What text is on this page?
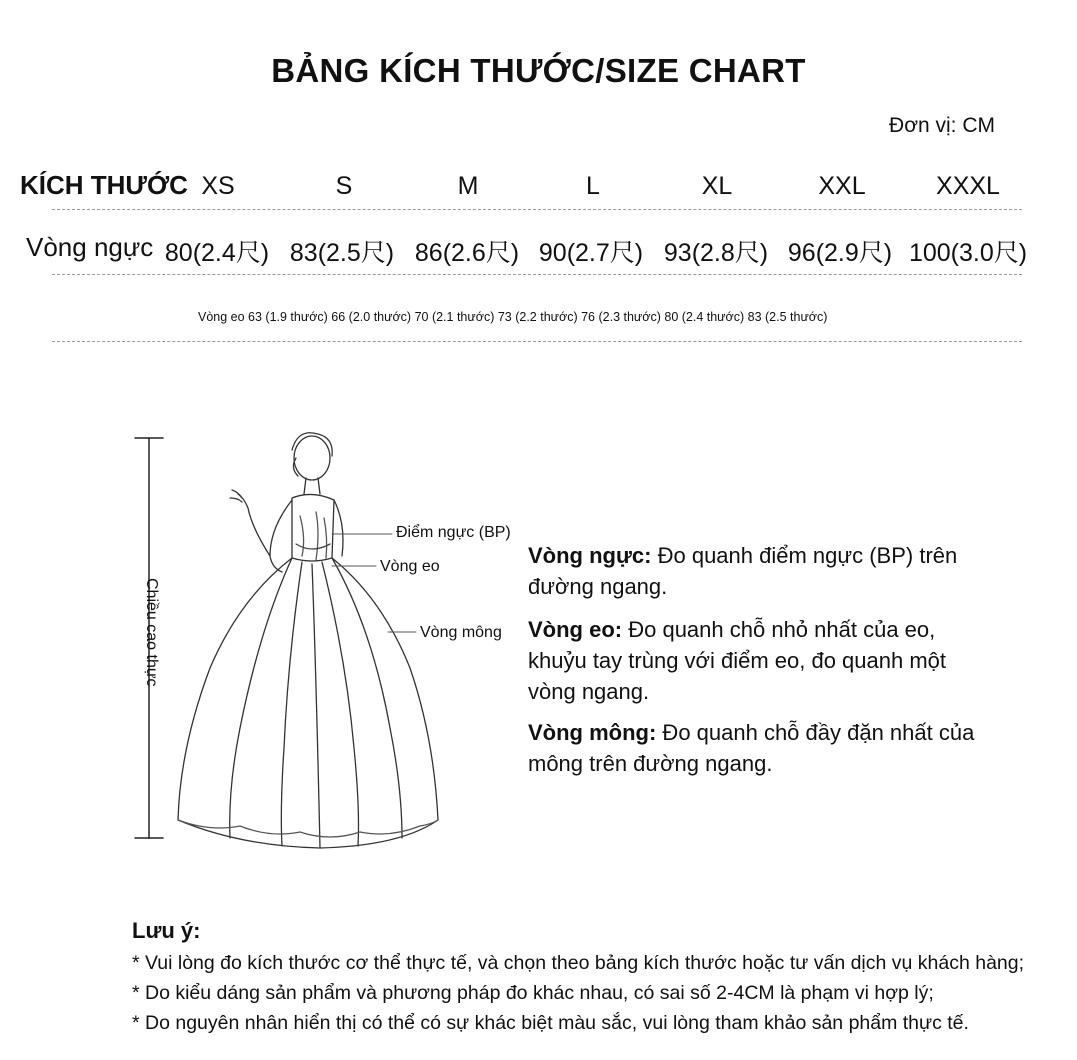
BẢNG KÍCH THƯỚC/SIZE CHART
Đơn vị: CM
KÍCH THƯỚC XS	S	M	L	XL	XXL	XXXL
Vòng ngực 80(2.4尺) 83(2.5尺) 86(2.6尺) 90(2.7尺) 93(2.8尺) 96(2.9尺) 100(3.0尺)
Vòng eo 63 (1.9 thước) 66 (2.0 thước) 70 (2.1 thước) 73 (2.2 thước) 76 (2.3 thước) 80 (2.4 thước) 83 (2.5 thước)
Chiều cao thực
Điểm ngực (BP)
Vòng eo
Vòng mông
Vòng ngực: Đo quanh điểm ngực (BP) trên đường ngang.
Vòng eo: Đo quanh chỗ nhỏ nhất của eo, khuỷu tay trùng với điểm eo, đo quanh một vòng ngang.
Vòng mông: Đo quanh chỗ đầy đặn nhất của mông trên đường ngang.
Lưu ý:
* Vui lòng đo kích thước cơ thể thực tế, và chọn theo bảng kích thước hoặc tư vấn dịch vụ khách hàng;
* Do kiểu dáng sản phẩm và phương pháp đo khác nhau, có sai số 2-4CM là phạm vi hợp lý;
* Do nguyên nhân hiển thị có thể có sự khác biệt màu sắc, vui lòng tham khảo sản phẩm thực tế.
